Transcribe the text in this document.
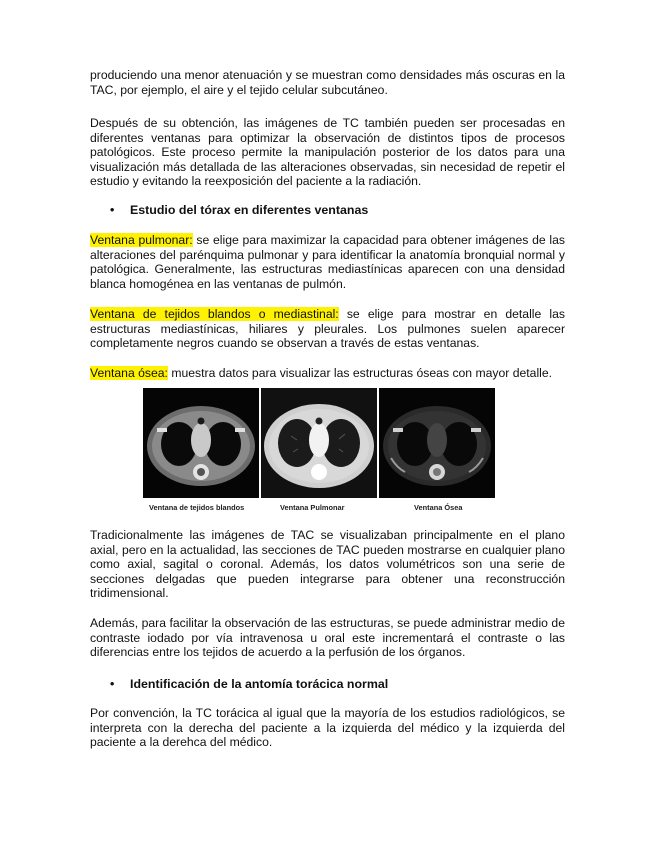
produciendo una menor atenuación y se muestran como densidades más oscuras en la TAC, por ejemplo, el aire y el tejido celular subcutáneo.

Después de su obtención, las imágenes de TC también pueden ser procesadas en diferentes ventanas para optimizar la observación de distintos tipos de procesos patológicos. Este proceso permite la manipulación posterior de los datos para una visualización más detallada de las alteraciones observadas, sin necesidad de repetir el estudio y evitando la reexposición del paciente a la radiación.

• Estudio del tórax en diferentes ventanas

Ventana pulmonar: se elige para maximizar la capacidad para obtener imágenes de las alteraciones del parénquima pulmonar y para identificar la anatomía bronquial normal y patológica. Generalmente, las estructuras mediastínicas aparecen con una densidad blanca homogénea en las ventanas de pulmón.

Ventana de tejidos blandos o mediastinal: se elige para mostrar en detalle las estructuras mediastínicas, hiliares y pleurales. Los pulmones suelen aparecer completamente negros cuando se observan a través de estas ventanas.

Ventana ósea: muestra datos para visualizar las estructuras óseas con mayor detalle.

Ventana de tejidos blandos	Ventana Pulmonar	Ventana Ósea

Tradicionalmente las imágenes de TAC se visualizaban principalmente en el plano axial, pero en la actualidad, las secciones de TAC pueden mostrarse en cualquier plano como axial, sagital o coronal. Además, los datos volumétricos son una serie de secciones delgadas que pueden integrarse para obtener una reconstrucción tridimensional.

Además, para facilitar la observación de las estructuras, se puede administrar medio de contraste iodado por vía intravenosa u oral este incrementará el contraste o las diferencias entre los tejidos de acuerdo a la perfusión de los órganos.

• Identificación de la antomía torácica normal

Por convención, la TC torácica al igual que la mayoría de los estudios radiológicos, se interpreta con la derecha del paciente a la izquierda del médico y la izquierda del paciente a la derehca del médico.
